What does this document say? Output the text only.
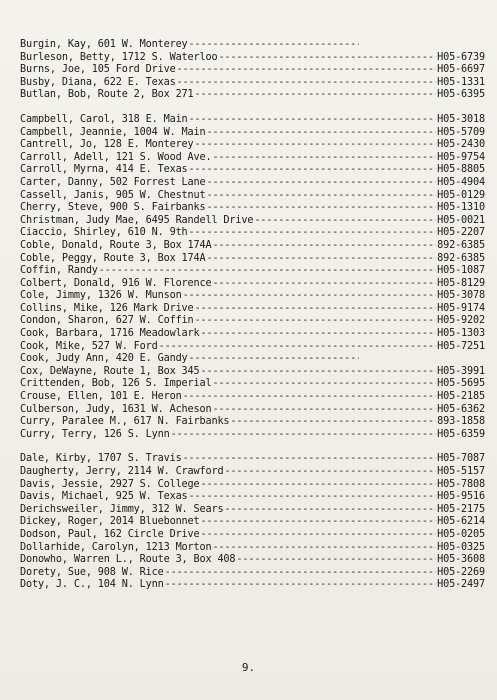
Burgin, Kay, 601 W. Monterey
-----
Burleson, Betty, 1712 S. Waterloo -----	H05-6739
Burns, Joe, 105 Ford Drive -----	H05-6697
Busby, Diana, 622 E. Texas -----	H05-1331
Butlan, Bob, Route 2, Box 271 -----	H05-6395
Campbell, Carol, 318 E. Main -----	H05-3018
Campbell, Jeannie, 1004 W. Main -----	H05-5709
Cantrell, Jo, 128 E. Monterey -----	H05-2430
Carroll, Adell, 121 S. Wood Ave. -----	H05-9754
Carroll, Myrna, 414 E. Texas -----	H05-8805
Carter, Danny, 502 Forrest Lane -----	H05-4904
Cassell, Janis, 905 W. Chestnut -----	H05-0129
Cherry, Steve, 900 S. Fairbanks -----	H05-1310
Christman, Judy Mae, 6495 Randell Drive -----	H05-0021
Ciaccio, Shirley, 610 N. 9th -----	H05-2207
Coble, Donald, Route 3, Box 174A -----	892-6385
Coble, Peggy, Route 3, Box 174A -----	892-6385
Coffin, Randy -----	H05-1087
Colbert, Donald, 916 W. Florence -----	H05-8129
Cole, Jimmy, 1326 W. Munson -----	H05-3078
Collins, Mike, 126 Mark Drive -----	H05-9174
Condon, Sharon, 627 W. Coffin -----	H05-9202
Cook, Barbara, 1716 Meadowlark -----	H05-1303
Cook, Mike, 527 W. Ford -----	H05-7251
Cook, Judy Ann, 420 E. Gandy
-----
Cox, DeWayne, Route 1, Box 345 -----	H05-3991
Crittenden, Bob, 126 S. Imperial -----	H05-5695
Crouse, Ellen, 101 E. Heron -----	H05-2185
Culberson, Judy, 1631 W. Acheson -----	H05-6362
Curry, Paralee M., 617 N. Fairbanks -----	893-1858
Curry, Terry, 126 S. Lynn -----	H05-6359
Dale, Kirby, 1707 S. Travis -----	H05-7087
Daugherty, Jerry, 2114 W. Crawford -----	H05-5157
Davis, Jessie, 2927 S. College -----	H05-7808
Davis, Michael, 925 W. Texas -----	H05-9516
Derichsweiler, Jimmy, 312 W. Sears -----	H05-2175
Dickey, Roger, 2014 Bluebonnet -----	H05-6214
Dodson, Paul, 162 Circle Drive -----	H05-0205
Dollarhide, Carolyn, 1213 Morton -----	H05-0325
Donowho, Warren L., Route 3, Box 408 -----	H05-3608
Dorety, Sue, 908 W. Rice -----	H05-2269
Doty, J. C., 104 N. Lynn -----	H05-2497
9.
